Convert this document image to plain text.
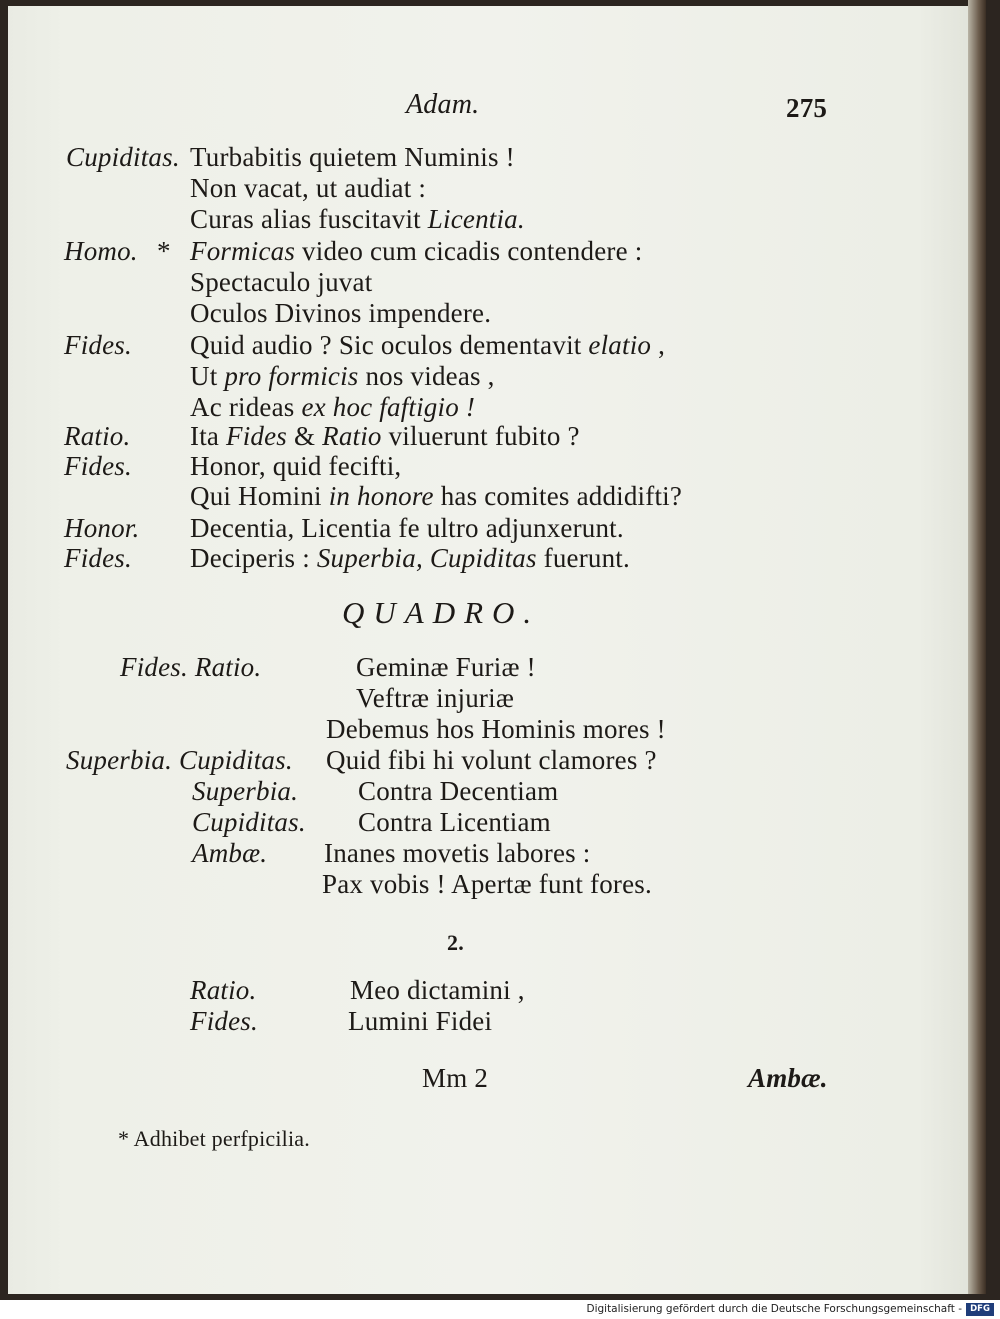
Adam.	275
Cupiditas. Turbabitis quietem Numinis !
Non vacat, ut audiat :
Curas alias fuscitavit Licentia.
Homo. * Formicas video cum cicadis contendere :
Spectaculo juvat
Oculos Divinos impendere.
Fides. Quid audio ? Sic oculos dementavit elatio ,
Ut pro formicis nos videas ,
Ac rideas ex hoc faftigio !
Ratio. Ita Fides & Ratio viluerunt fubito ?
Fides. Honor, quid fecifti,
Qui Homini in honore has comites addidifti?
Honor. Decentia, Licentia fe ultro adjunxerunt.
Fides. Deciperis : Superbia, Cupiditas fuerunt.
QUADRO.
Fides. Ratio.	Geminæ Furiæ !
Veftræ injuriæ
Debemus hos Hominis mores !
Superbia. Cupiditas. Quid fibi hi volunt clamores ?
Superbia. Contra Decentiam
Cupiditas. Contra Licentiam
Ambæ. Inanes movetis labores :
Pax vobis ! Apertæ funt fores.
2.
Ratio.	Meo dictamini ,
Fides.	Lumini Fidei
Mm 2	Ambæ.
* Adhibet perfpicilia.
Digitalisierung gefördert durch die Deutsche Forschungsgemeinschaft - DFG
